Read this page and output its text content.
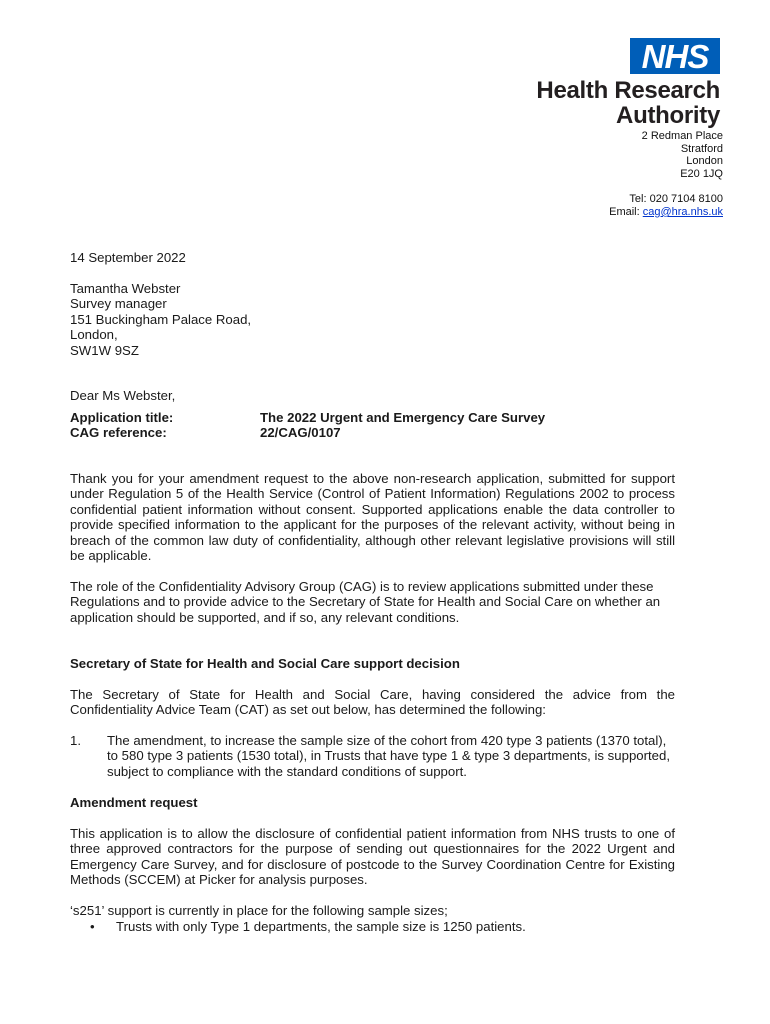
NHS
Health Research
Authority
2 Redman Place
Stratford
London
E20 1JQ
Tel: 020 7104 8100
Email: cag@hra.nhs.uk
14 September 2022
Tamantha Webster
Survey manager
151 Buckingham Palace Road,
London,
SW1W 9SZ
Dear Ms Webster,
Application title:	The 2022 Urgent and Emergency Care Survey
CAG reference:	22/CAG/0107
Thank you for your amendment request to the above non-research application, submitted for support under Regulation 5 of the Health Service (Control of Patient Information) Regulations 2002 to process confidential patient information without consent. Supported applications enable the data controller to provide specified information to the applicant for the purposes of the relevant activity, without being in breach of the common law duty of confidentiality, although other relevant legislative provisions will still be applicable.
The role of the Confidentiality Advisory Group (CAG) is to review applications submitted under these Regulations and to provide advice to the Secretary of State for Health and Social Care on whether an application should be supported, and if so, any relevant conditions.
Secretary of State for Health and Social Care support decision
The Secretary of State for Health and Social Care, having considered the advice from the Confidentiality Advice Team (CAT) as set out below, has determined the following:
1.	The amendment, to increase the sample size of the cohort from 420 type 3 patients (1370 total), to 580 type 3 patients (1530 total), in Trusts that have type 1 & type 3 departments, is supported, subject to compliance with the standard conditions of support.
Amendment request
This application is to allow the disclosure of confidential patient information from NHS trusts to one of three approved contractors for the purpose of sending out questionnaires for the 2022 Urgent and Emergency Care Survey, and for disclosure of postcode to the Survey Coordination Centre for Existing Methods (SCCEM) at Picker for analysis purposes.
‘s251’ support is currently in place for the following sample sizes;
•	Trusts with only Type 1 departments, the sample size is 1250 patients.
